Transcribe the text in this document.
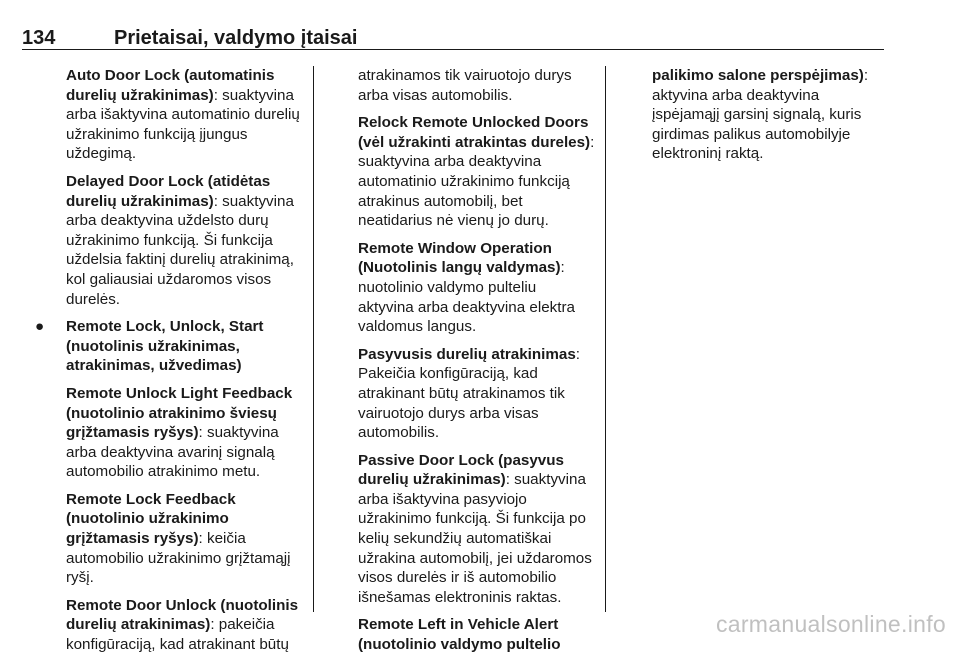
134	Prietaisai, valdymo įtaisai
Auto Door Lock (automatinis durelių užrakinimas): suaktyvina arba išaktyvina automatinio durelių užrakinimo funkciją įjungus uždegimą.
Delayed Door Lock (atidėtas durelių užrakinimas): suaktyvina arba deaktyvina uždelsto durų užrakinimo funkciją. Ši funkcija uždelsia faktinį durelių atrakinimą, kol galiausiai uždaromos visos durelės.
● Remote Lock, Unlock, Start (nuotolinis užrakinimas, atrakinimas, užvedimas)
Remote Unlock Light Feedback (nuotolinio atrakinimo šviesų grįžtamasis ryšys): suaktyvina arba deaktyvina avarinį signalą automobilio atrakinimo metu.
Remote Lock Feedback (nuotolinio užrakinimo grįžtamasis ryšys): keičia automobilio užrakinimo grįžtamąjį ryšį.
Remote Door Unlock (nuotolinis durelių atrakinimas): pakeičia konfigūraciją, kad atrakinant būtų
atrakinamos tik vairuotojo durys arba visas automobilis.
Relock Remote Unlocked Doors (vėl užrakinti atrakintas dureles): suaktyvina arba deaktyvina automatinio užrakinimo funkciją atrakinus automobilį, bet neatidarius nė vienų jo durų.
Remote Window Operation (Nuotolinis langų valdymas): nuotolinio valdymo pulteliu aktyvina arba deaktyvina elektra valdomus langus.
Pasyvusis durelių atrakinimas: Pakeičia konfigūraciją, kad atrakinant būtų atrakinamos tik vairuotojo durys arba visas automobilis.
Passive Door Lock (pasyvus durelių užrakinimas): suaktyvina arba išaktyvina pasyviojo užrakinimo funkciją. Ši funkcija po kelių sekundžių automatiškai užrakina automobilį, jei uždaromos visos durelės ir iš automobilio išnešamas elektroninis raktas.
Remote Left in Vehicle Alert (nuotolinio valdymo pultelio
palikimo salone perspėjimas): aktyvina arba deaktyvina įspėjamąjį garsinį signalą, kuris girdimas palikus automobilyje elektroninį raktą.
carmanualsonline.info
